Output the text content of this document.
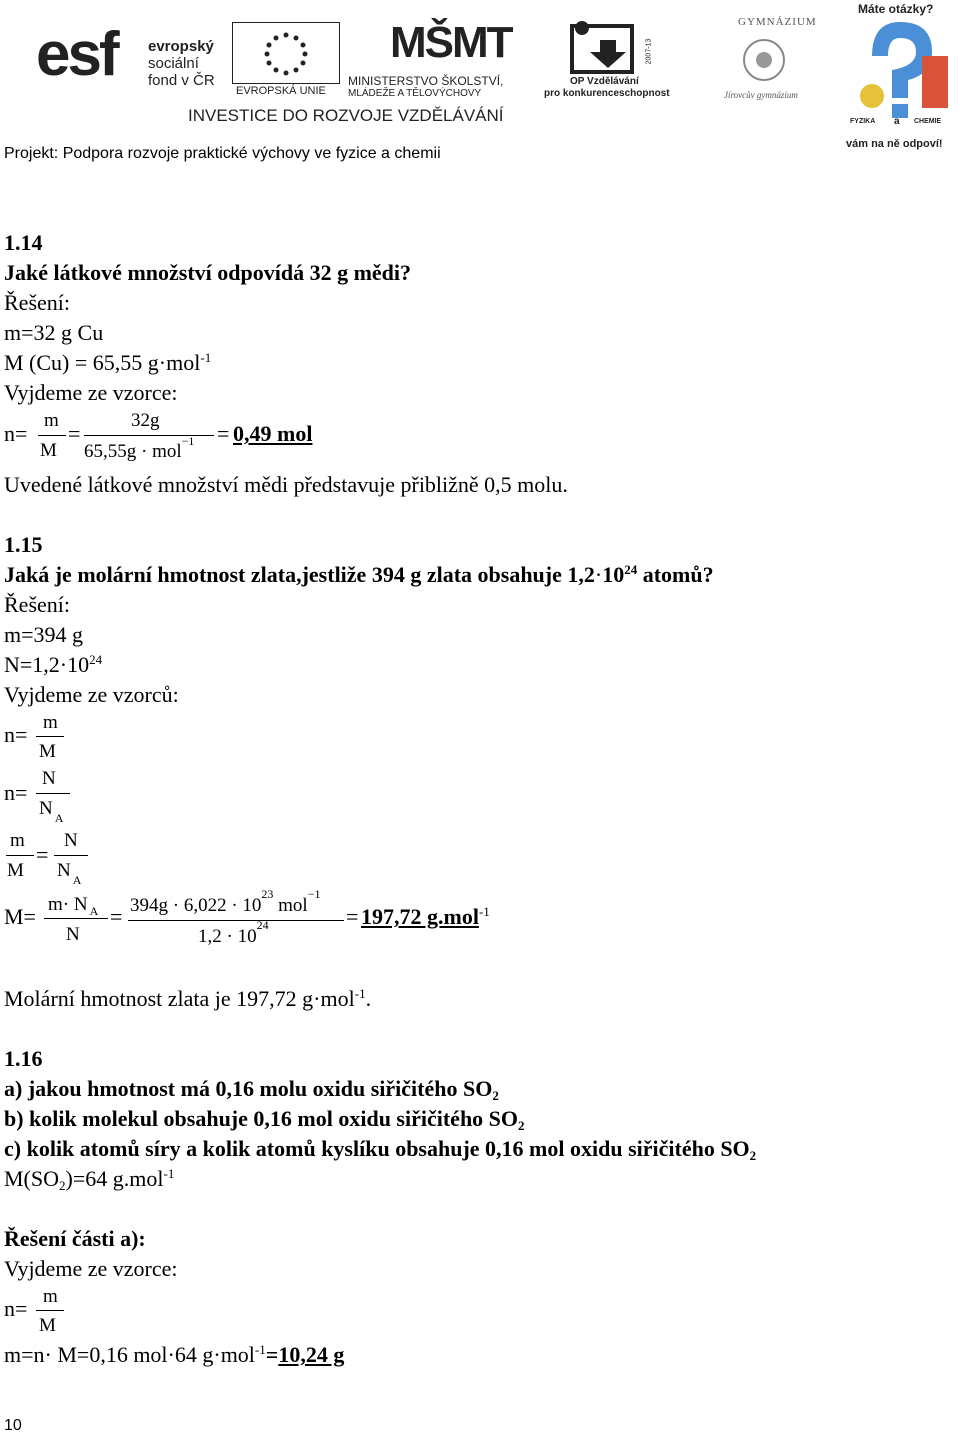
esf evropský
sociální
fond v ČR
EVROPSKÁ UNIE
MŠMT
MINISTERSTVO ŠKOLSTVÍ,
MLÁDEŽE A TĚLOVÝCHOVY
2007-13
OP Vzdělávání
pro konkurenceschopnost
GYMNÁZIUM
Jírovcův gymnázium
Máte otázky?
FYZIKA a CHEMIE
vám na ně odpoví!
INVESTICE DO ROZVOJE VZDĚLÁVÁNÍ
Projekt: Podpora rozvoje praktické výchovy ve fyzice a chemii
1.14
Jaké látkové množství odpovídá 32 g mědi?
Řešení:
m=32 g Cu
M (Cu) = 65,55 g·mol$^{-1}$
Vyjdeme ze vzorce:
n=
m
M
=
32g
65,55g · mol$^{-1}$ = 0,49 mol
Uvedené látkové množství mědi představuje přibližně 0,5 molu.
1.15
Jaká je molární hmotnost zlata,jestliže 394 g zlata obsahuje $1,2\cdot 10^{24}$ atomů?
Řešení:
m=394 g
$N=1,2\cdot 10^{24}$
Vyjdeme ze vzorců:
n= m
M
n=
N
N $_A$
m
M
=
N
N $_A$
M= m· N $_A$
N
= $394g \cdot 6,022 \cdot 10^{23}$ mol$^{-1}$
$1,2 \cdot 10^{24}$	= 197,72 g.mol$^{-1}$
Molární hmotnost zlata je 197,72 g·mol$^{-1}$.
1.16
a) jakou hmotnost má 0,16 molu oxidu siřičitého $SO_2$
b) kolik molekul obsahuje 0,16 mol oxidu siřičitého $SO_2$
c) kolik atomů síry a kolik atomů kyslíku obsahuje 0,16 mol oxidu siřičitého $SO_2$
$M(SO_2)=64$ g.mol$^{-1}$
Řešení části a):
Vyjdeme ze vzorce:
n= m
M
m=n· M=0,16 mol·64 g·mol$^{-1}$=10,24 g
10
